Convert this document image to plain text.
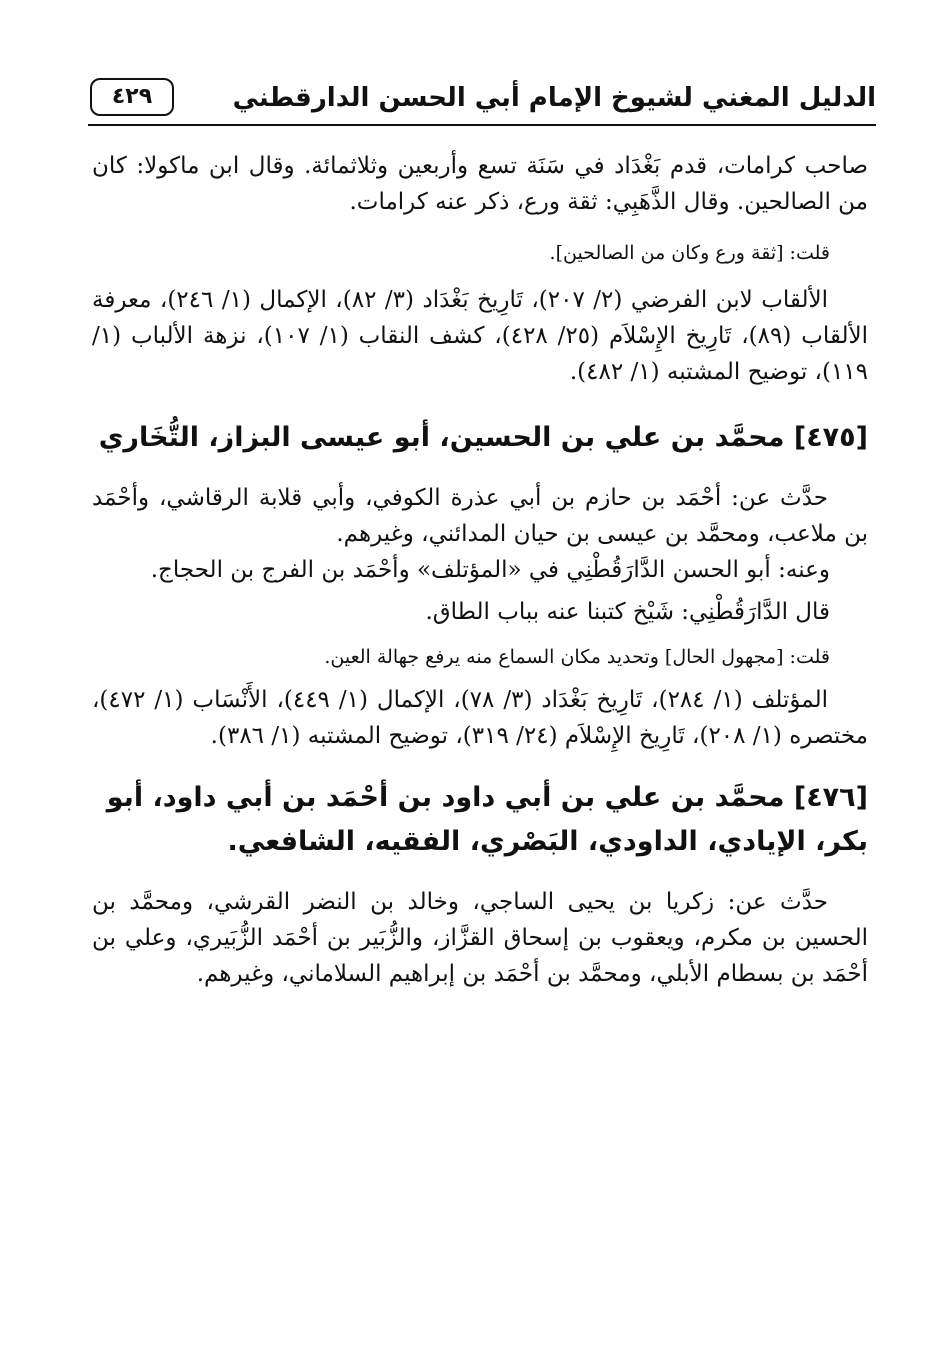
الدليل المغني لشيوخ الإمام أبي الحسن الدارقطني
٤٢٩

صاحب كرامات، قدم بَغْدَاد في سَنَة تسع وأربعين وثلاثمائة. وقال ابن ماكولا: كان من الصالحين. وقال الذَّهَبِي: ثقة ورع، ذكر عنه كرامات.

قلت: [ثقة ورع وكان من الصالحين].

الألقاب لابن الفرضي (٢/ ٢٠٧)، تَارِيخ بَغْدَاد (٣/ ٨٢)، الإكمال (١/ ٢٤٦)، معرفة الألقاب (٨٩)، تَارِيخ الإِسْلاَم (٢٥/ ٤٢٨)، كشف النقاب (١/ ١٠٧)، نزهة الألباب (١/ ١١٩)، توضيح المشتبه (١/ ٤٨٢).

[٤٧٥] محمَّد بن علي بن الحسين، أبو عيسى البزاز، التُّخَاري

حدَّث عن: أحْمَد بن حازم بن أبي عذرة الكوفي، وأبي قلابة الرقاشي، وأحْمَد بن ملاعب، ومحمَّد بن عيسى بن حيان المدائني، وغيرهم.

وعنه: أبو الحسن الدَّارَقُطْنِي في «المؤتلف» وأحْمَد بن الفرج بن الحجاج.

قال الدَّارَقُطْنِي: شَيْخ كتبنا عنه بباب الطاق.

قلت: [مجهول الحال] وتحديد مكان السماع منه يرفع جهالة العين.

المؤتلف (١/ ٢٨٤)، تَارِيخ بَغْدَاد (٣/ ٧٨)، الإكمال (١/ ٤٤٩)، الأَنْسَاب (١/ ٤٧٢)، مختصره (١/ ٢٠٨)، تَارِيخ الإِسْلاَم (٢٤/ ٣١٩)، توضيح المشتبه (١/ ٣٨٦).

[٤٧٦] محمَّد بن علي بن أبي داود بن أحْمَد بن أبي داود، أبو بكر، الإيادي، الداودي، البَصْري، الفقيه، الشافعي.

حدَّث عن: زكريا بن يحيى الساجي، وخالد بن النضر القرشي، ومحمَّد بن الحسين بن مكرم، ويعقوب بن إسحاق القزَّاز، والزُّبَير بن أحْمَد الزُّبَيري، وعلي بن أحْمَد بن بسطام الأبلي، ومحمَّد بن أحْمَد بن إبراهيم السلاماني، وغيرهم.
